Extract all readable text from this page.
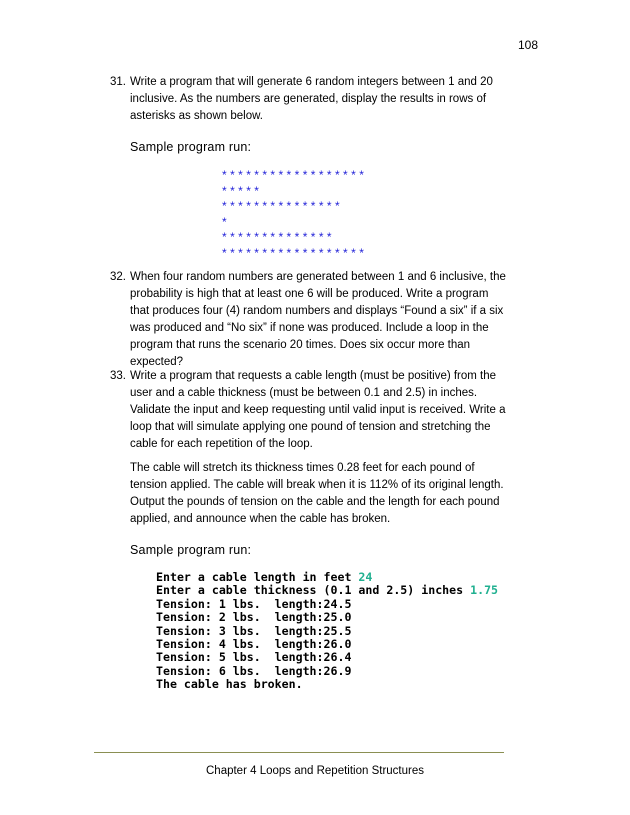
108
31. Write a program that will generate 6 random integers between 1 and 20 inclusive. As the numbers are generated, display the results in rows of asterisks as shown below.

Sample program run:
******************
*****
***************
*
**************
******************
32. When four random numbers are generated between 1 and 6 inclusive, the probability is high that at least one 6 will be produced. Write a program that produces four (4) random numbers and displays “Found a six” if a six was produced and “No six” if none was produced. Include a loop in the program that runs the scenario 20 times. Does six occur more than expected?

33. Write a program that requests a cable length (must be positive) from the user and a cable thickness (must be between 0.1 and 2.5) in inches. Validate the input and keep requesting until valid input is received. Write a loop that will simulate applying one pound of tension and stretching the cable for each repetition of the loop.

The cable will stretch its thickness times 0.28 feet for each pound of tension applied. The cable will break when it is 112% of its original length. Output the pounds of tension on the cable and the length for each pound applied, and announce when the cable has broken.

Sample program run:
Enter a cable length in feet 24
Enter a cable thickness (0.1 and 2.5) inches 1.75
Tension: 1 lbs.  length:24.5
Tension: 2 lbs.  length:25.0
Tension: 3 lbs.  length:25.5
Tension: 4 lbs.  length:26.0
Tension: 5 lbs.  length:26.4
Tension: 6 lbs.  length:26.9
The cable has broken.
Chapter 4 Loops and Repetition Structures
